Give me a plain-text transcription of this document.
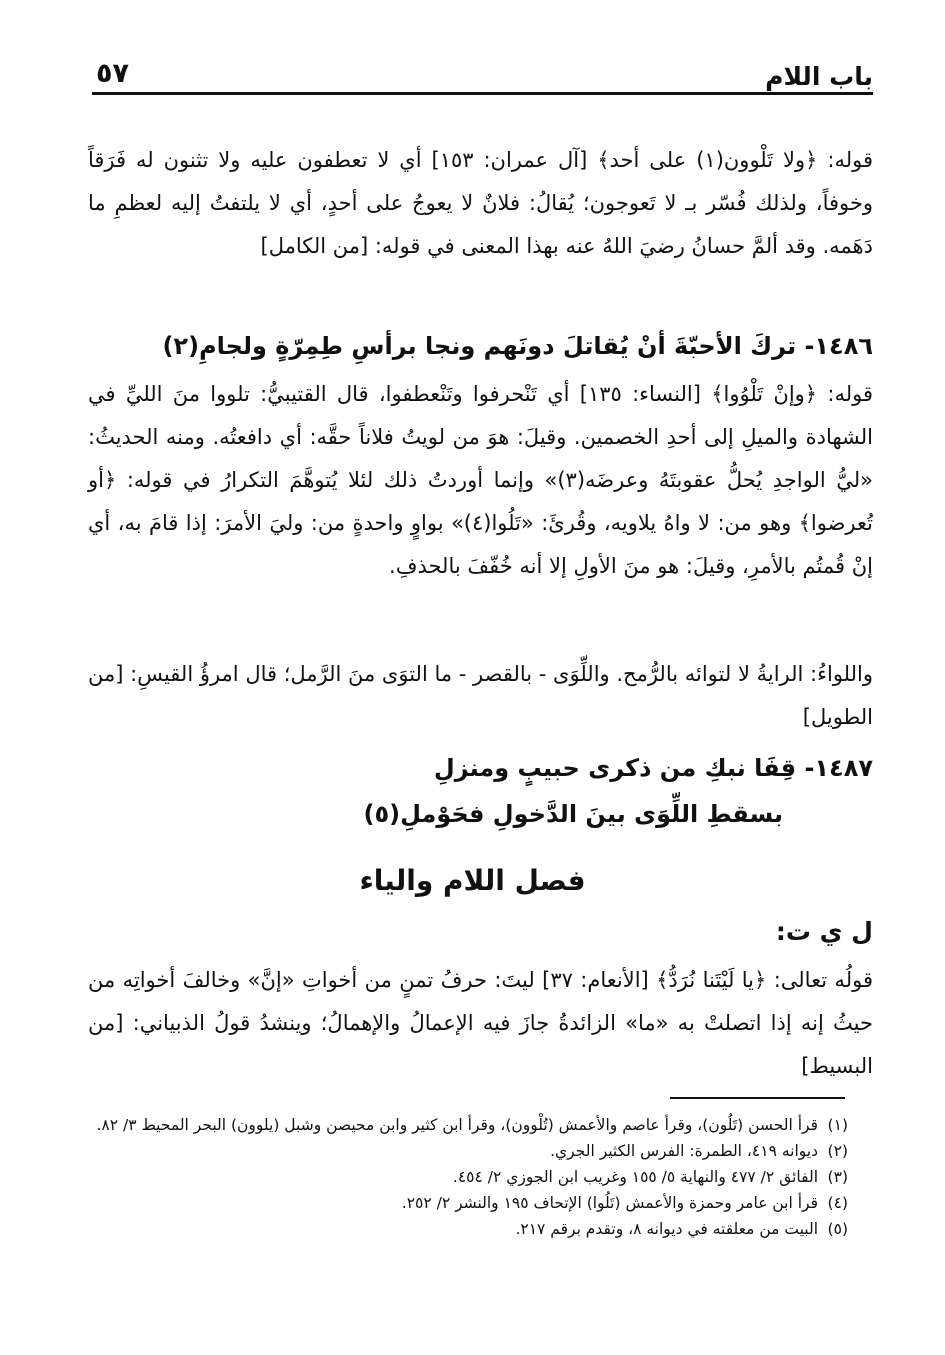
باب اللام
٥٧

قوله: ﴿ولا تَلْوون(١) على أحد﴾ [آل عمران: ١٥٣] أي لا تعطفون عليه ولا تثنون له فَرَقاً وخوفاً، ولذلك فُسّر بـ لا تَعوجون؛ يُقالُ: فلانٌ لا يعوجُ على أحدٍ، أي لا يلتفتُ إليه لعظمِ ما دَهَمه. وقد ألمَّ حسانُ رضيَ اللهُ عنه بهذا المعنى في قوله: [من الكامل]

١٤٨٦- تركَ الأحبّةَ أنْ يُقاتلَ دونَهم ونجا برأسِ طِمِرّةٍ ولجامِ(٢)

قوله: ﴿وإنْ تَلْوُوا﴾ [النساء: ١٣٥] أي تَنْحرفوا وتَنْعطفوا، قال القتيبيُّ: تلووا منَ الليِّ في الشهادة والميلِ إلى أحدِ الخصمين. وقيلَ: هوَ من لويتُ فلاناً حقَّه: أي دافعتُه. ومنه الحديثُ: «ليُّ الواجدِ يُحلُّ عقوبتَهُ وعرضَه(٣)» وإنما أوردتُ ذلك لئلا يُتوهَّمَ التكرارُ في قوله: ﴿أو تُعرضوا﴾ وهو من: لا واهُ يلاويه، وقُرئَ: «تَلُوا(٤)» بواوٍ واحدةٍ من: وليَ الأمرَ: إذا قامَ به، أي إنْ قُمتُم بالأمرِ، وقيلَ: هو منَ الأولِ إلا أنه خُفّفَ بالحذفِ.

واللواءُ: الرايةُ لا لتوائه بالرُّمح. واللِّوَى - بالقصر - ما التوَى منَ الرَّمل؛ قال امرؤُ القيسِ: [من الطويل]

١٤٨٧- قِفَا نبكِ من ذكرى حبيبٍ ومنزلِ

بسقطِ اللِّوَى بينَ الدَّخولِ فحَوْملِ(٥)

فصل اللام والياء

ل ي ت:

قولُه تعالى: ﴿يا لَيْتَنا نُرَدُّ﴾ [الأنعام: ٣٧] ليتَ: حرفُ تمنٍ من أخواتِ «إنَّ» وخالفَ أخواتِه من حيثُ إنه إذا اتصلتْ به «ما» الزائدةُ جازَ فيه الإعمالُ والإهمالُ؛ وينشدُ قولُ الذبياني: [من البسيط]

(١)قرأ الحسن (تَلُون)، وقرأ عاصم والأعمش (تُلْوون)، وقرأ ابن كثير وابن محيصن وشبل (يلوون) البحر المحيط ٣/ ٨٢.
(٢)ديوانه ٤١٩، الطمرة: الفرس الكثير الجري.
(٣)الفائق ٢/ ٤٧٧ والنهاية ٥/ ١٥٥ وغريب ابن الجوزي ٢/ ٤٥٤.
(٤)قرأ ابن عامر وحمزة والأعمش (تَلُوا) الإتحاف ١٩٥ والنشر ٢/ ٢٥٢.
(٥)البيت من معلقته في ديوانه ٨، وتقدم برقم ٢١٧.
